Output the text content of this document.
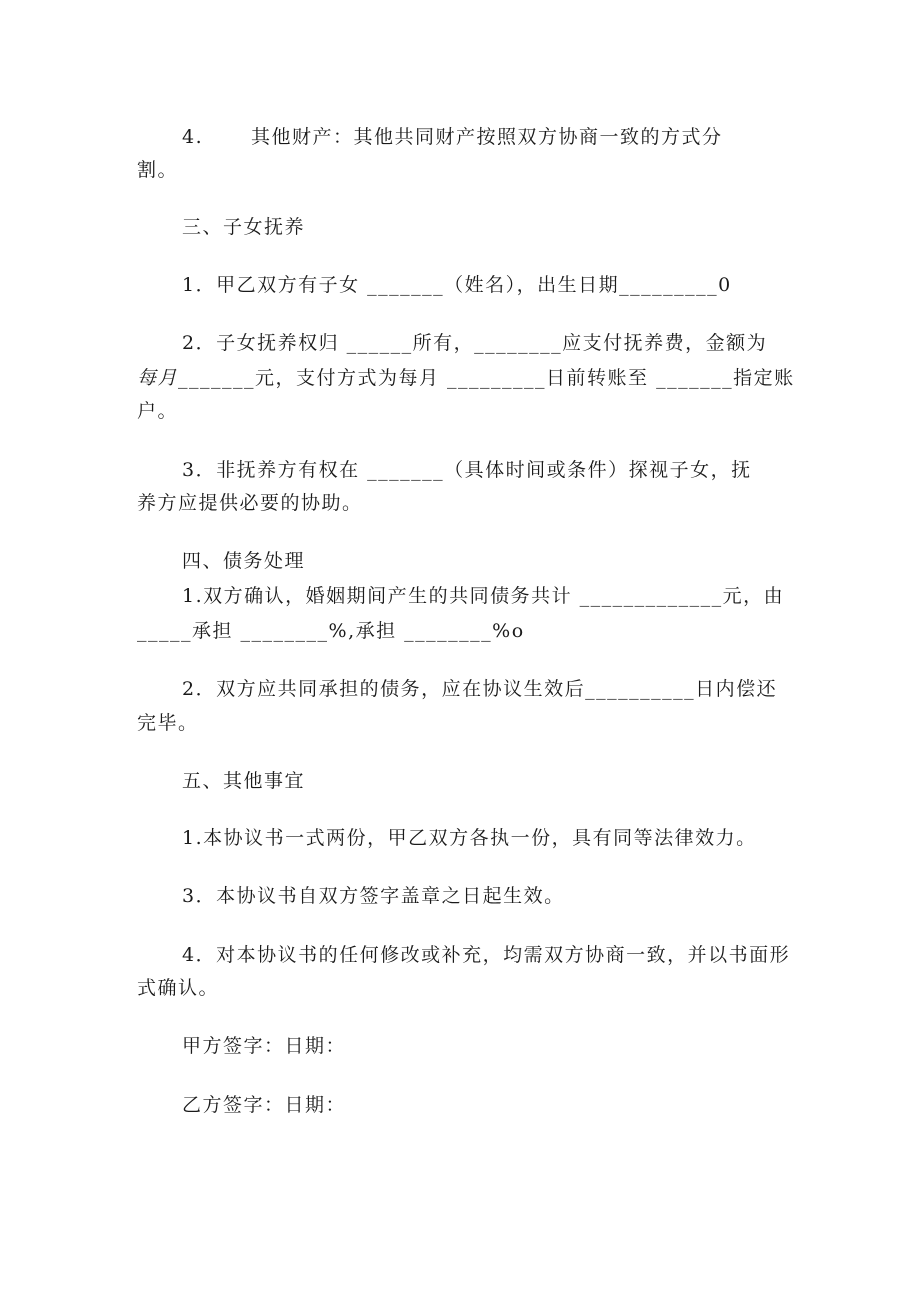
4.	其他财产：其他共同财产按照双方协商一致的方式分
割。
三、子女抚养
1．甲乙双方有子女 _______（姓名），出生日期_________0
2．子女抚养权归 ______所有，________应支付抚养费，金额为
每月_______元，支付方式为每月 _________日前转账至 _______指定账
户。
3．非抚养方有权在 _______（具体时间或条件）探视子女，抚
养方应提供必要的协助。
四、债务处理
1.双方确认，婚姻期间产生的共同债务共计 _____________元，由
_____承担 ________%,承担 ________%o
2．双方应共同承担的债务，应在协议生效后__________日内偿还
完毕。
五、其他事宜
1.本协议书一式两份，甲乙双方各执一份，具有同等法律效力。
3．本协议书自双方签字盖章之日起生效。
4．对本协议书的任何修改或补充，均需双方协商一致，并以书面形
式确认。
甲方签字：日期：
乙方签字：日期：
